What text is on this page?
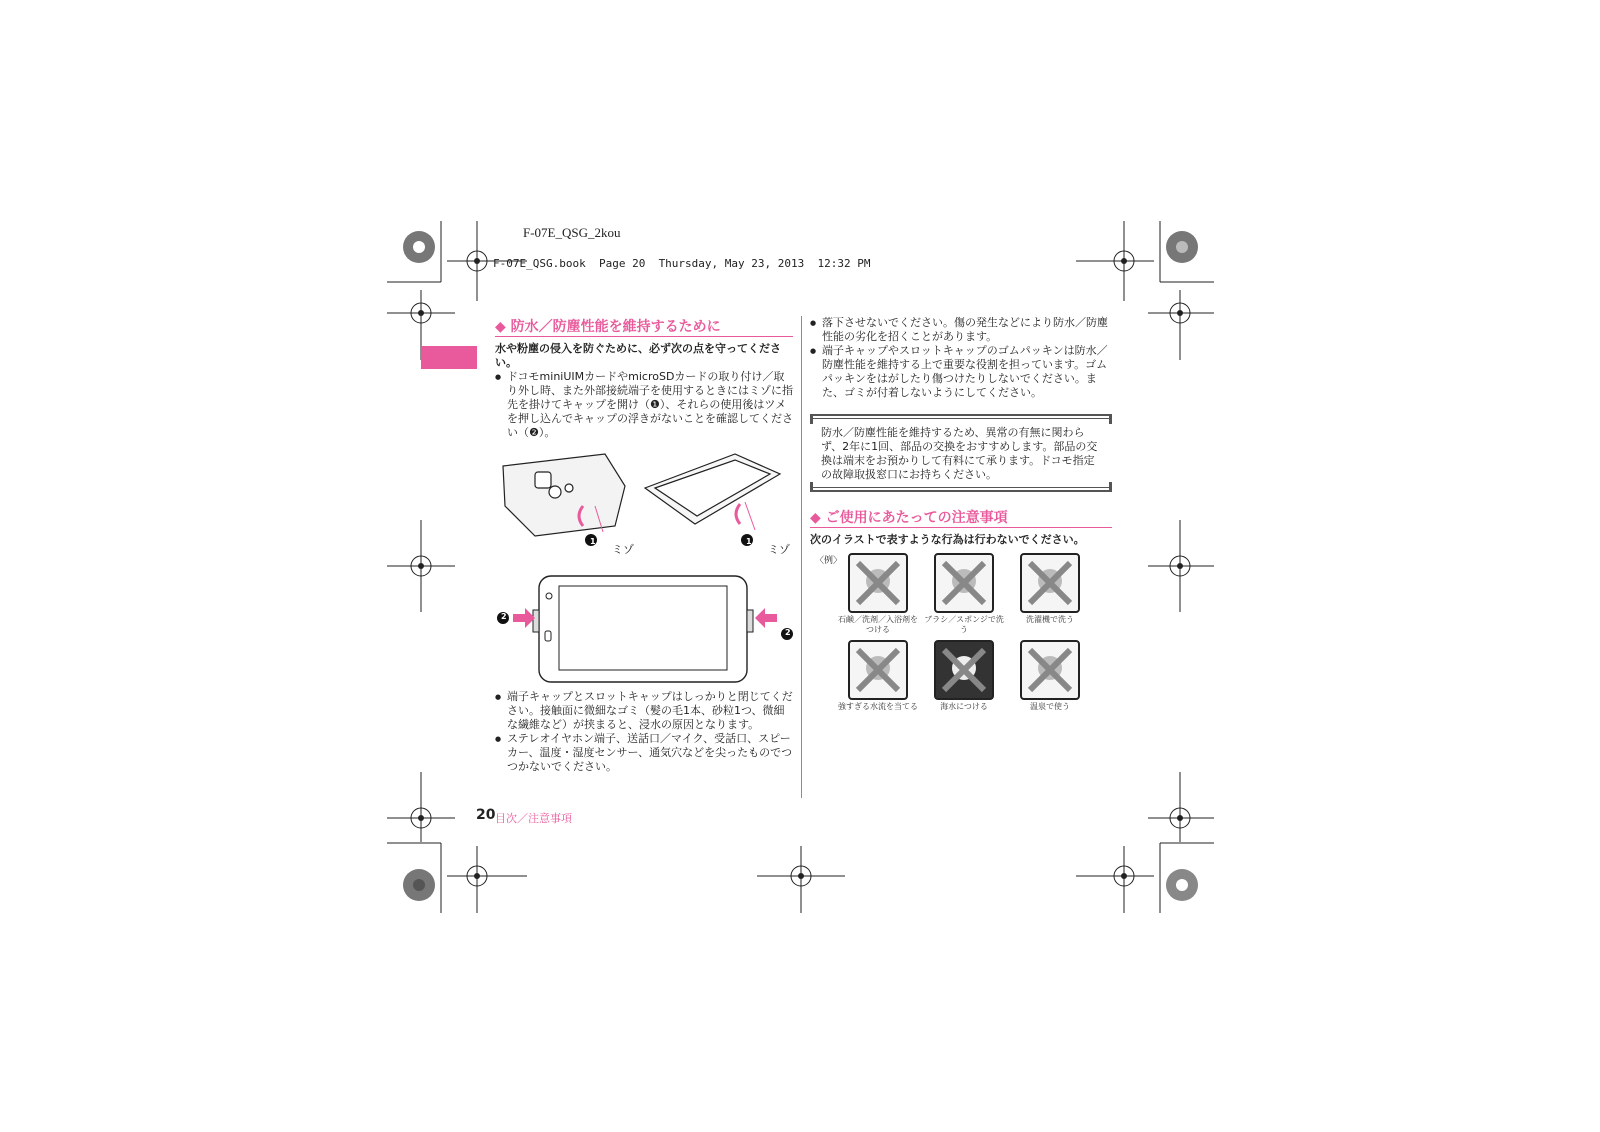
F-07E_QSG_2kou
F-07E_QSG.book  Page 20  Thursday, May 23, 2013  12:32 PM
◆ 防水／防塵性能を維持するために
水や粉塵の侵入を防ぐために、必ず次の点を守ってください。

● ドコモminiUIMカードやmicroSDカードの取り付け／取り外し時、また外部接続端子を使用するときにはミゾに指先を掛けてキャップを開け（❶）、それらの使用後はツメを押し込んでキャップの浮きがないことを確認してください（❷）。

ミゾ	ミゾ
1	1
2
2

● 端子キャップとスロットキャップはしっかりと閉じてください。接触面に微細なゴミ（髪の毛1本、砂粒1つ、微細な繊維など）が挟まると、浸水の原因となります。

● ステレオイヤホン端子、送話口／マイク、受話口、スピーカー、温度・湿度センサー、通気穴などを尖ったものでつつかないでください。

● 落下させないでください。傷の発生などにより防水／防塵性能の劣化を招くことがあります。

● 端子キャップやスロットキャップのゴムパッキンは防水／防塵性能を維持する上で重要な役割を担っています。ゴムパッキンをはがしたり傷つけたりしないでください。また、ゴミが付着しないようにしてください。

防水／防塵性能を維持するため、異常の有無に関わらず、2年に1回、部品の交換をおすすめします。部品の交換は端末をお預かりして有料にて承ります。ドコモ指定の故障取扱窓口にお持ちください。
◆ ご使用にあたっての注意事項
次のイラストで表すような行為は行わないでください。
〈例〉
石鹸／洗剤／入浴剤をつける
ブラシ／スポンジで洗う
洗濯機で洗う
強すぎる水流を当てる	海水につける	温泉で使う
20 目次／注意事項
